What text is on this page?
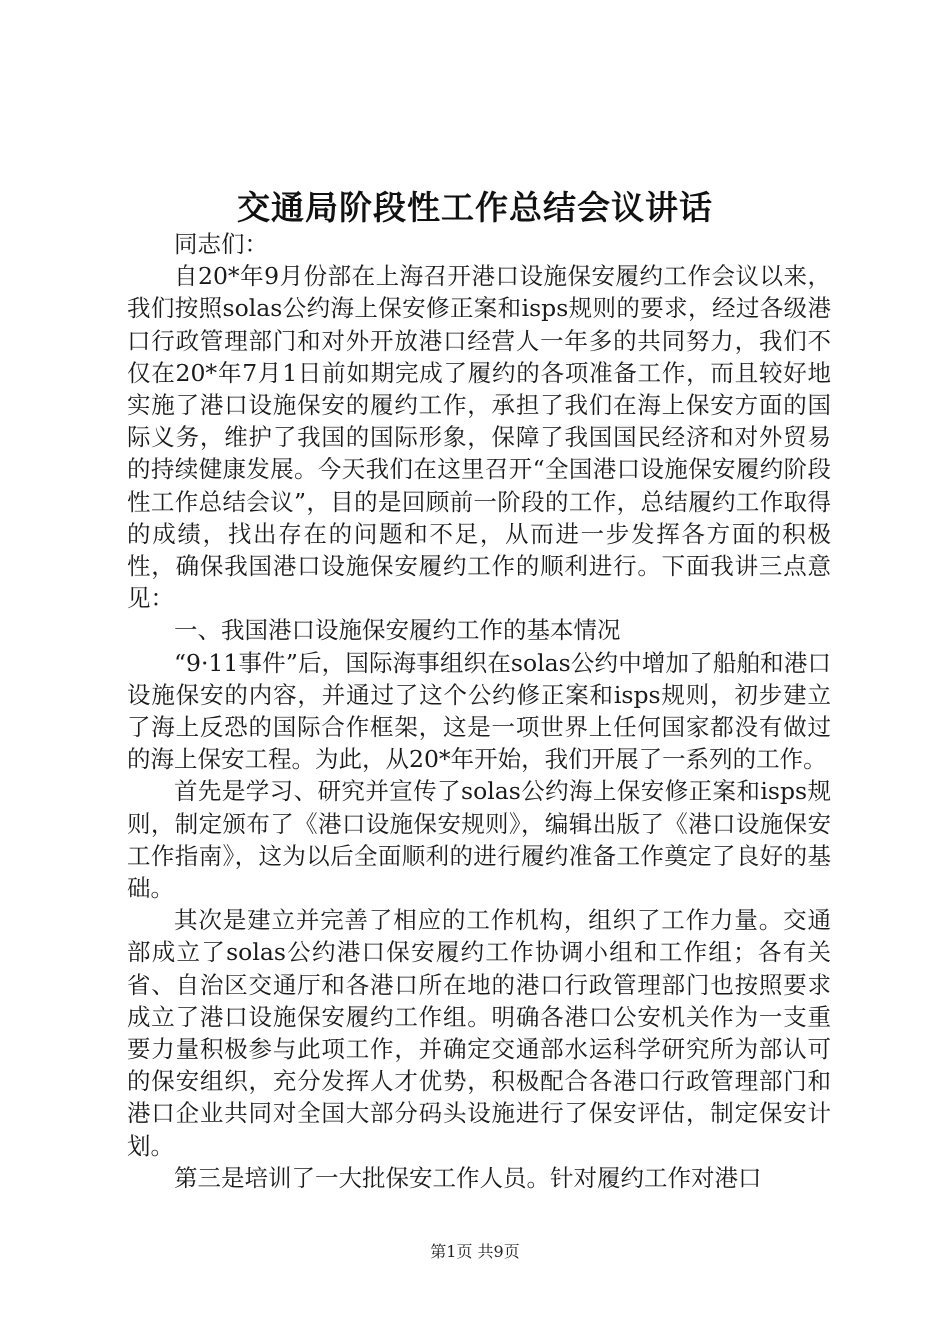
交通局阶段性工作总结会议讲话

同志们：

自20*年9月份部在上海召开港口设施保安履约工作会议以来，我们按照solas公约海上保安修正案和isps规则的要求，经过各级港口行政管理部门和对外开放港口经营人一年多的共同努力，我们不仅在20*年7月1日前如期完成了履约的各项准备工作，而且较好地实施了港口设施保安的履约工作，承担了我们在海上保安方面的国际义务，维护了我国的国际形象，保障了我国国民经济和对外贸易的持续健康发展。今天我们在这里召开“全国港口设施保安履约阶段性工作总结会议”，目的是回顾前一阶段的工作，总结履约工作取得的成绩，找出存在的问题和不足，从而进一步发挥各方面的积极性，确保我国港口设施保安履约工作的顺利进行。下面我讲三点意见：

一、我国港口设施保安履约工作的基本情况

“9·11事件”后，国际海事组织在solas公约中增加了船舶和港口设施保安的内容，并通过了这个公约修正案和isps规则，初步建立了海上反恐的国际合作框架，这是一项世界上任何国家都没有做过的海上保安工程。为此，从20*年开始，我们开展了一系列的工作。

首先是学习、研究并宣传了solas公约海上保安修正案和isps规则，制定颁布了《港口设施保安规则》，编辑出版了《港口设施保安工作指南》，这为以后全面顺利的进行履约准备工作奠定了良好的基础。

其次是建立并完善了相应的工作机构，组织了工作力量。交通部成立了solas公约港口保安履约工作协调小组和工作组；各有关省、自治区交通厅和各港口所在地的港口行政管理部门也按照要求成立了港口设施保安履约工作组。明确各港口公安机关作为一支重要力量积极参与此项工作，并确定交通部水运科学研究所为部认可的保安组织，充分发挥人才优势，积极配合各港口行政管理部门和港口企业共同对全国大部分码头设施进行了保安评估，制定保安计划。

第三是培训了一大批保安工作人员。针对履约工作对港口

第1页 共9页
